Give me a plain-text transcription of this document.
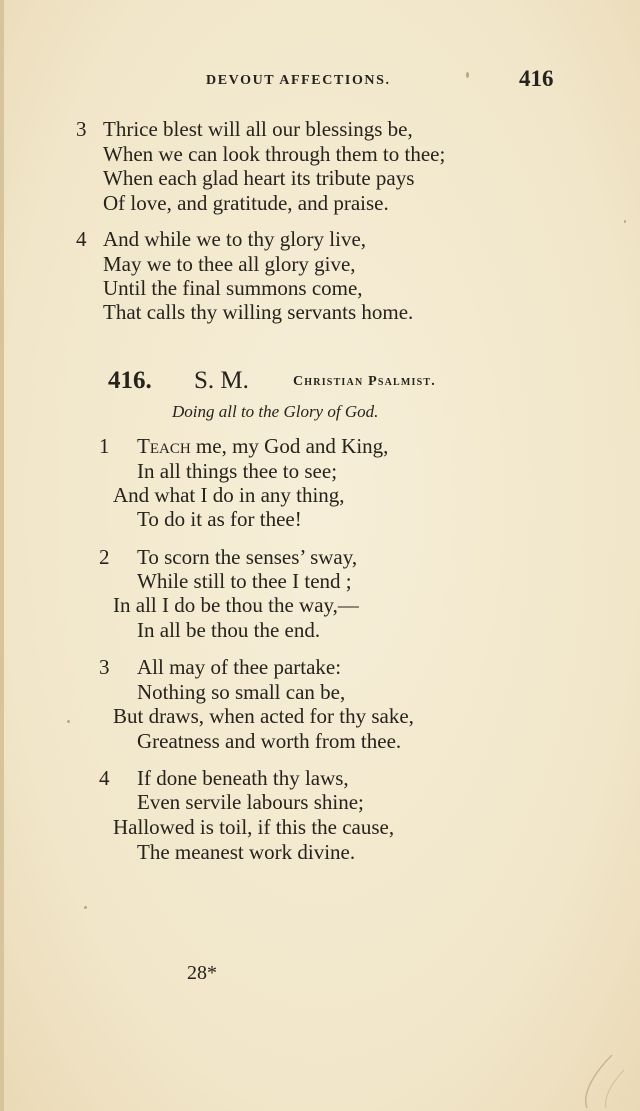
DEVOUT AFFECTIONS.	416
3 Thrice blest will all our blessings be,
When we can look through them to thee;
When each glad heart its tribute pays
Of love, and gratitude, and praise.
4 And while we to thy glory live,
May we to thee all glory give,
Until the final summons come,
That calls thy willing servants home.
416. S. M.	Christian Psalmist.
Doing all to the Glory of God.
1 Teach me, my God and King,
In all things thee to see;
And what I do in any thing,
To do it as for thee!
2 To scorn the senses’ sway,
While still to thee I tend ;
In all I do be thou the way,—
In all be thou the end.
3 All may of thee partake:
Nothing so small can be,
But draws, when acted for thy sake,
Greatness and worth from thee.
4 If done beneath thy laws,
Even servile labours shine;
Hallowed is toil, if this the cause,
The meanest work divine.
28*
